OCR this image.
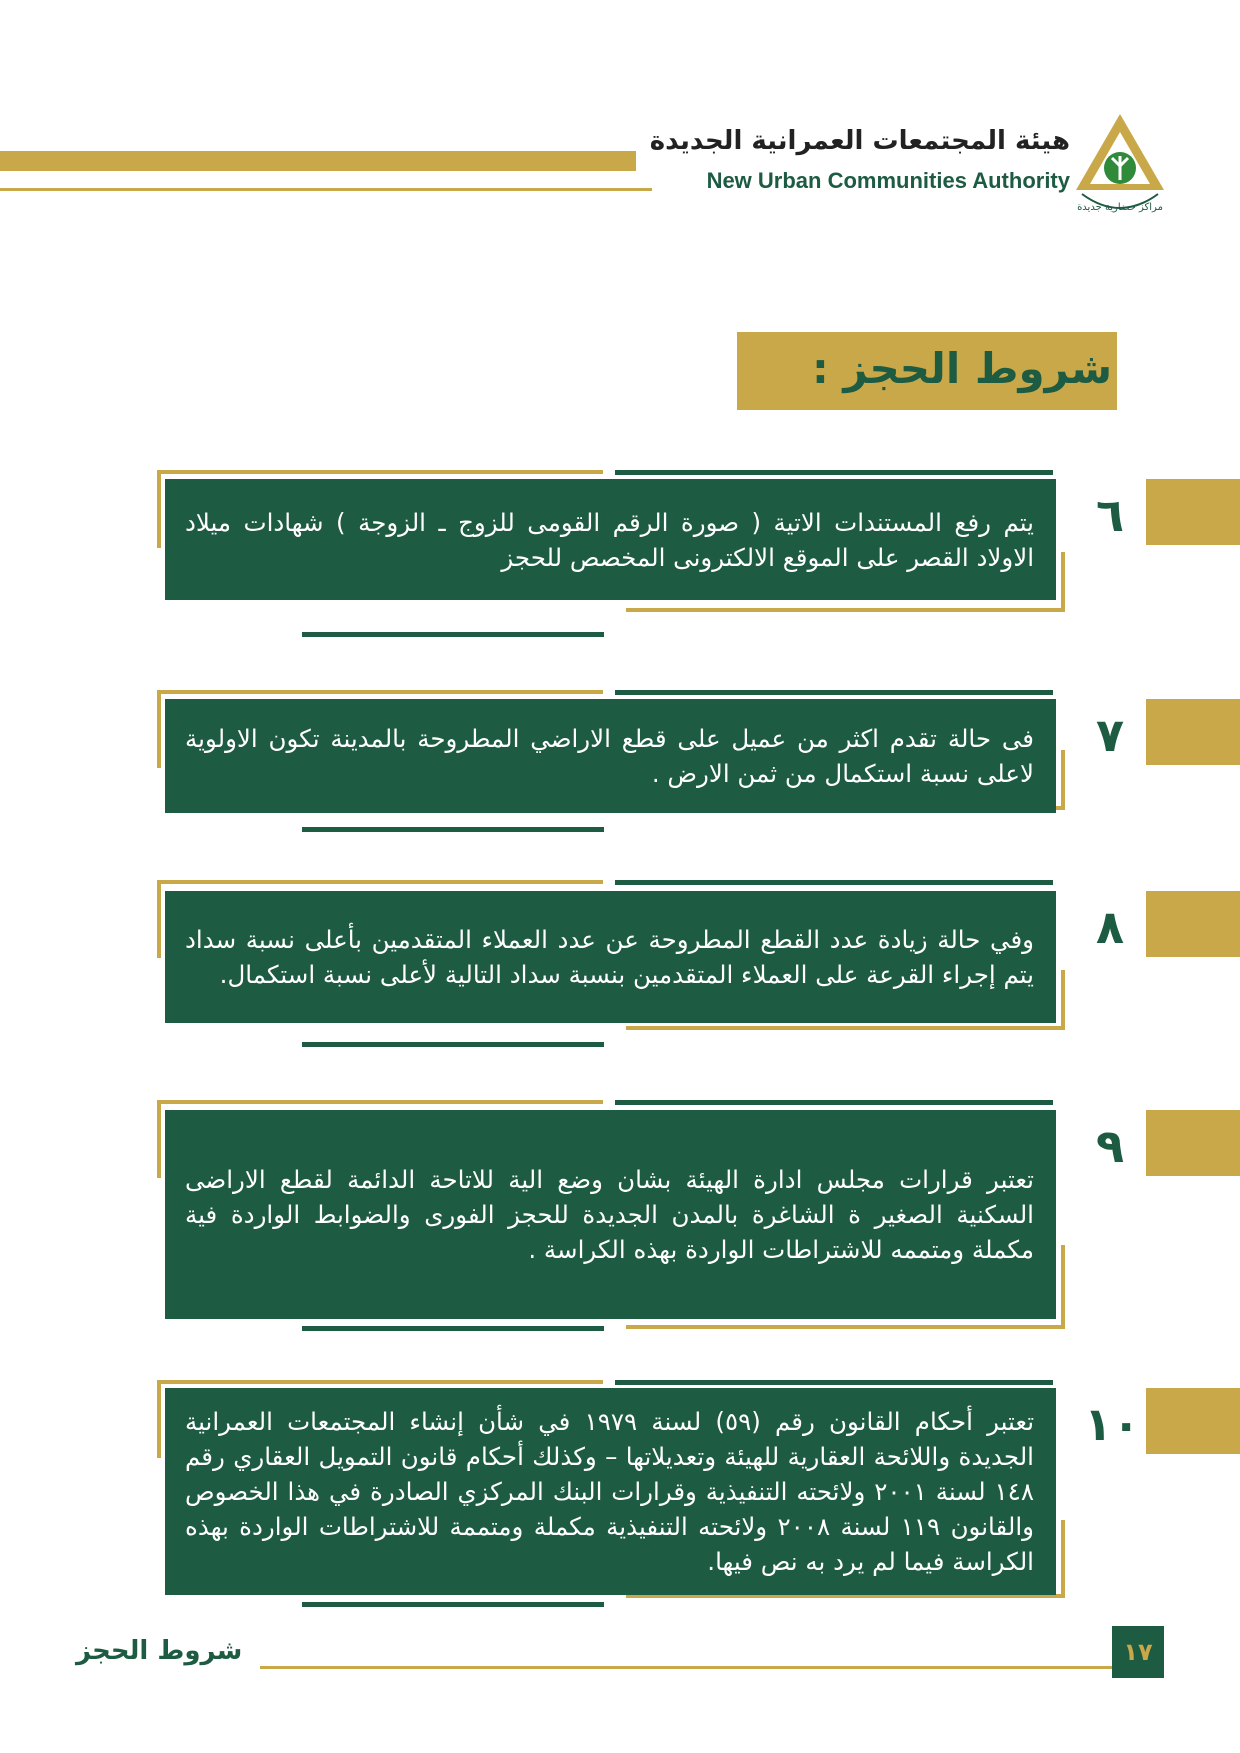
هيئة المجتمعات العمرانية الجديدة
New Urban Communities Authority
مراكز حضارية جديدة
شروط الحجز :
يتم رفع المستندات الاتية ( صورة الرقم القومى للزوج ـ الزوجة ) شهادات ميلاد الاولاد القصر على الموقع الالكترونى المخصص للحجز
٦
فى حالة تقدم اكثر من عميل على قطع الاراضي المطروحة بالمدينة تكون الاولوية لاعلى نسبة استكمال من ثمن الارض .
٧
وفي حالة زيادة عدد القطع المطروحة عن عدد العملاء المتقدمين بأعلى نسبة سداد يتم إجراء القرعة على العملاء المتقدمين بنسبة سداد التالية لأعلى نسبة استكمال.
٨
تعتبر قرارات مجلس ادارة الهيئة بشان وضع الية للاتاحة الدائمة لقطع الاراضى السكنية الصغير ة الشاغرة بالمدن الجديدة للحجز الفورى والضوابط الواردة فية مكملة ومتممه للاشتراطات الواردة بهذه الكراسة .
٩
تعتبر أحكام القانون رقم (٥٩) لسنة ١٩٧٩ في شأن إنشاء المجتمعات العمرانية الجديدة واللائحة العقارية للهيئة وتعديلاتها – وكذلك أحكام قانون التمويل العقاري رقم ١٤٨ لسنة ٢٠٠١ ولائحته التنفيذية وقرارات البنك المركزي الصادرة في هذا الخصوص والقانون ١١٩ لسنة ٢٠٠٨ ولائحته التنفيذية مكملة ومتممة للاشتراطات الواردة بهذه الكراسة فيما لم يرد به نص فيها.
١٠
شروط الحجز	١٧
